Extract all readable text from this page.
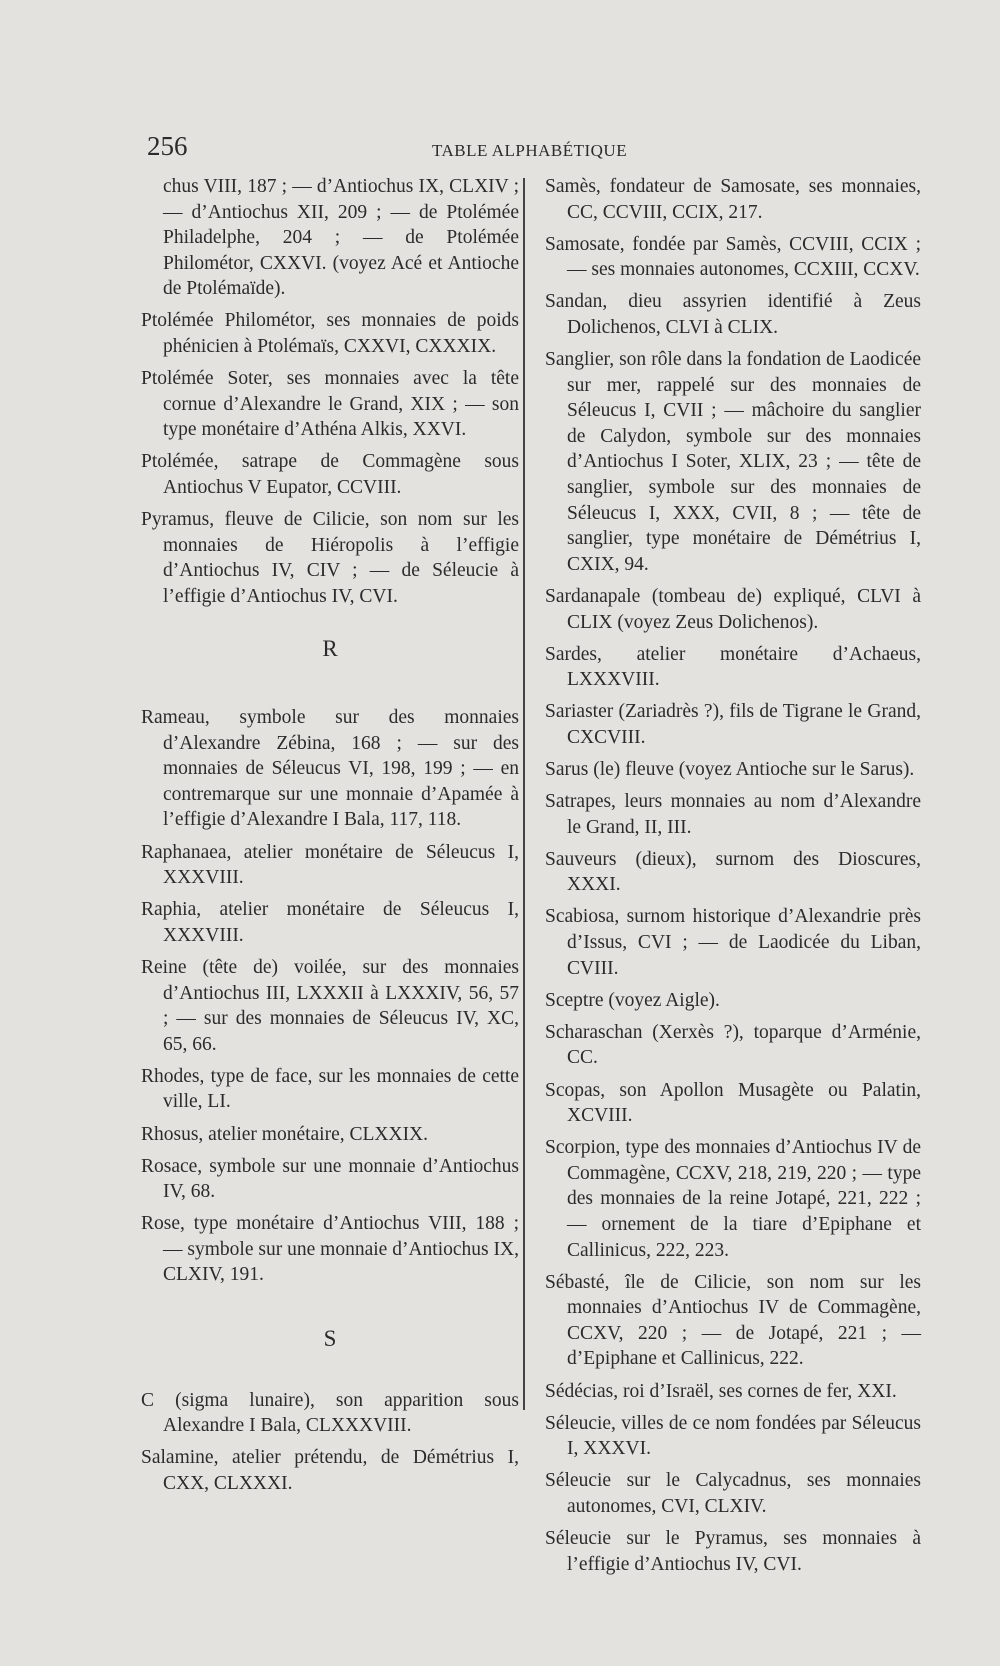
256	TABLE ALPHABÉTIQUE

chus VIII, 187 ; — d’Antiochus IX, CLXIV ; — d’Antiochus XII, 209 ; — de Ptolémée Philadelphe, 204 ; — de Ptolémée Philométor, CXXVI. (voyez Acé et Antioche de Ptolémaïde).

Ptolémée Philométor, ses monnaies de poids phénicien à Ptolémaïs, CXXVI, CXXXIX.

Ptolémée Soter, ses monnaies avec la tête cornue d’Alexandre le Grand, XIX ; — son type monétaire d’Athéna Alkis, XXVI.

Ptolémée, satrape de Commagène sous Antiochus V Eupator, CCVIII.

Pyramus, fleuve de Cilicie, son nom sur les monnaies de Hiéropolis à l’effigie d’Antiochus IV, CIV ; — de Séleucie à l’effigie d’Antiochus IV, CVI.

R

Rameau, symbole sur des monnaies d’Alexandre Zébina, 168 ; — sur des monnaies de Séleucus VI, 198, 199 ; — en contremarque sur une monnaie d’Apamée à l’effigie d’Alexandre I Bala, 117, 118.

Raphanaea, atelier monétaire de Séleucus I, XXXVIII.

Raphia, atelier monétaire de Séleucus I, XXXVIII.

Reine (tête de) voilée, sur des monnaies d’Antiochus III, LXXXII à LXXXIV, 56, 57 ; — sur des monnaies de Séleucus IV, XC, 65, 66.

Rhodes, type de face, sur les monnaies de cette ville, LI.

Rhosus, atelier monétaire, CLXXIX.

Rosace, symbole sur une monnaie d’Antiochus IV, 68.

Rose, type monétaire d’Antiochus VIII, 188 ; — symbole sur une monnaie d’Antiochus IX, CLXIV, 191.

S

C (sigma lunaire), son apparition sous Alexandre I Bala, CLXXXVIII.

Salamine, atelier prétendu, de Démétrius I, CXX, CLXXXI.

Samès, fondateur de Samosate, ses monnaies, CC, CCVIII, CCIX, 217.

Samosate, fondée par Samès, CCVIII, CCIX ; — ses monnaies autonomes, CCXIII, CCXV.

Sandan, dieu assyrien identifié à Zeus Dolichenos, CLVI à CLIX.

Sanglier, son rôle dans la fondation de Laodicée sur mer, rappelé sur des monnaies de Séleucus I, CVII ; — mâchoire du sanglier de Calydon, symbole sur des monnaies d’Antiochus I Soter, XLIX, 23 ; — tête de sanglier, symbole sur des monnaies de Séleucus I, XXX, CVII, 8 ; — tête de sanglier, type monétaire de Démétrius I, CXIX, 94.

Sardanapale (tombeau de) expliqué, CLVI à CLIX (voyez Zeus Dolichenos).

Sardes, atelier monétaire d’Achaeus, LXXXVIII.

Sariaster (Zariadrès ?), fils de Tigrane le Grand, CXCVIII.

Sarus (le) fleuve (voyez Antioche sur le Sarus).

Satrapes, leurs monnaies au nom d’Alexandre le Grand, II, III.

Sauveurs (dieux), surnom des Dioscures, XXXI.

Scabiosa, surnom historique d’Alexandrie près d’Issus, CVI ; — de Laodicée du Liban, CVIII.

Sceptre (voyez Aigle).

Scharaschan (Xerxès ?), toparque d’Arménie, CC.

Scopas, son Apollon Musagète ou Palatin, XCVIII.

Scorpion, type des monnaies d’Antiochus IV de Commagène, CCXV, 218, 219, 220 ; — type des monnaies de la reine Jotapé, 221, 222 ; — ornement de la tiare d’Epiphane et Callinicus, 222, 223.

Sébasté, île de Cilicie, son nom sur les monnaies d’Antiochus IV de Commagène, CCXV, 220 ; — de Jotapé, 221 ; — d’Epiphane et Callinicus, 222.

Sédécias, roi d’Israël, ses cornes de fer, XXI.

Séleucie, villes de ce nom fondées par Séleucus I, XXXVI.

Séleucie sur le Calycadnus, ses monnaies autonomes, CVI, CLXIV.

Séleucie sur le Pyramus, ses monnaies à l’effigie d’Antiochus IV, CVI.
